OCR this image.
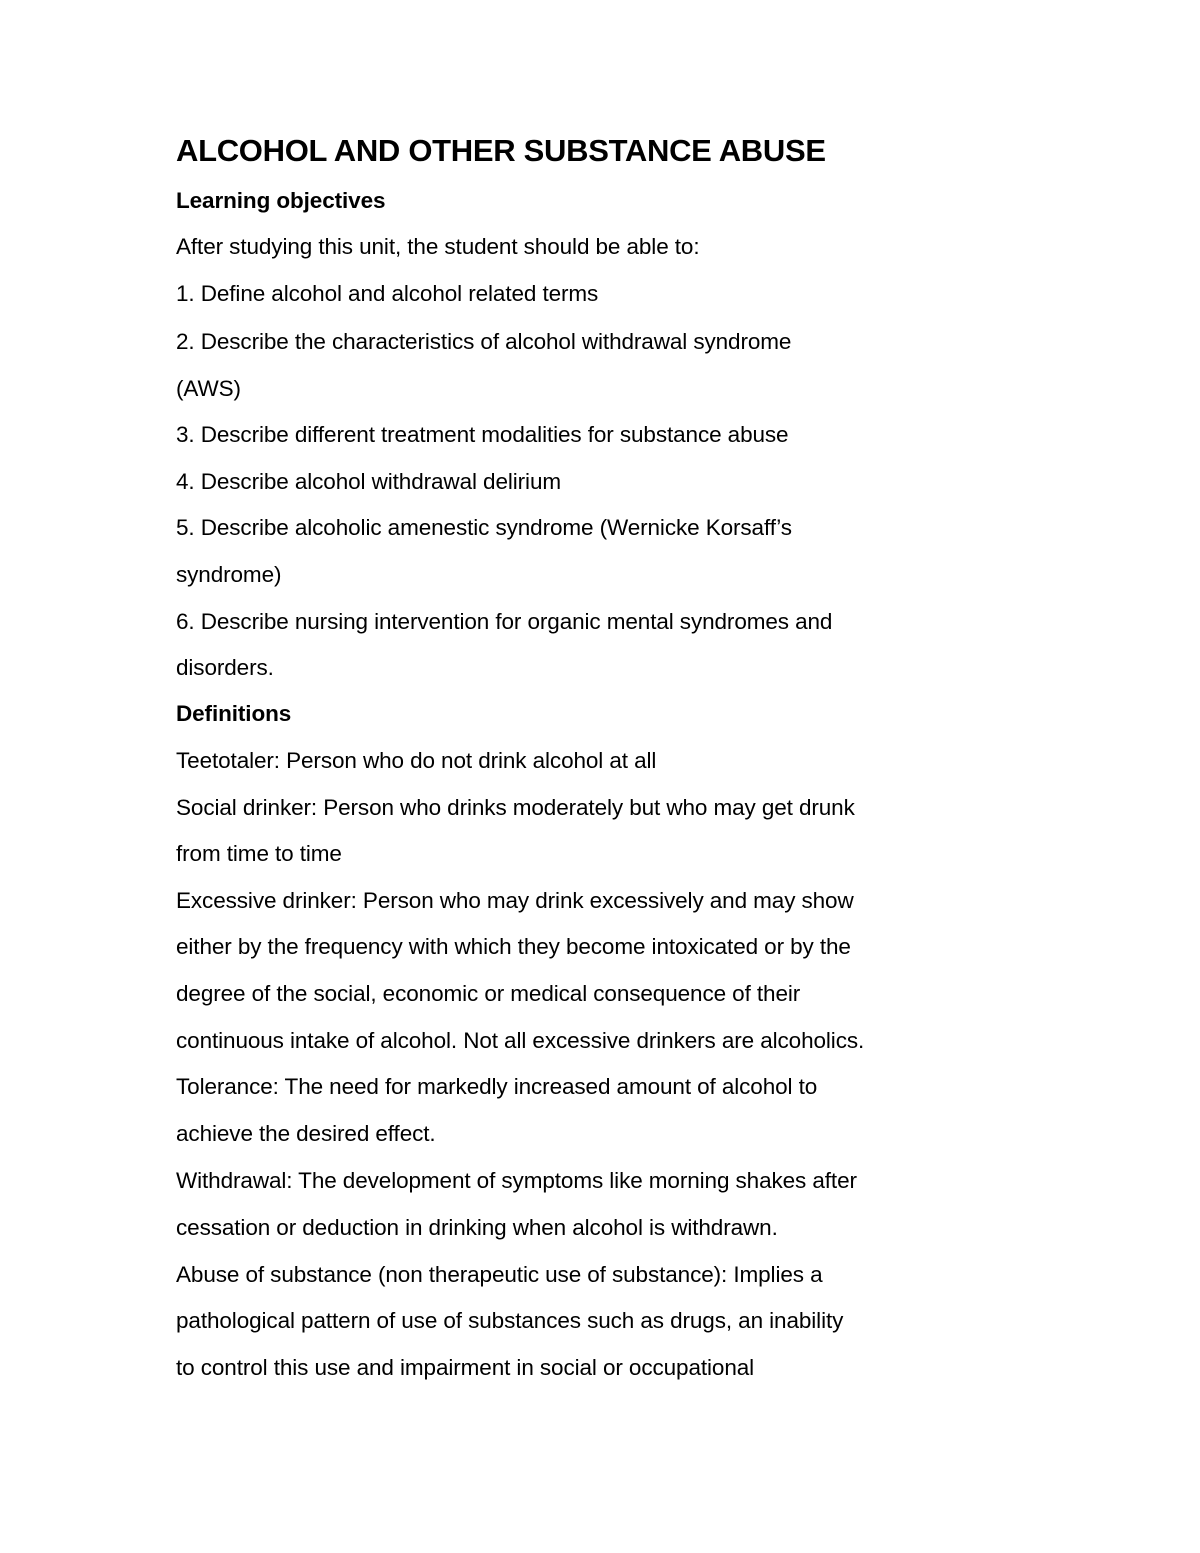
ALCOHOL AND OTHER SUBSTANCE ABUSE
Learning objectives
After studying this unit, the student should be able to:
1. Define alcohol and alcohol related terms
2. Describe the characteristics of alcohol withdrawal syndrome
(AWS)
3. Describe different treatment modalities for substance abuse
4. Describe alcohol withdrawal delirium
5. Describe alcoholic amenestic syndrome (Wernicke Korsaff’s
syndrome)
6. Describe nursing intervention for organic mental syndromes and
disorders.
Definitions
Teetotaler: Person who do not drink alcohol at all
Social drinker: Person who drinks moderately but who may get drunk
from time to time
Excessive drinker: Person who may drink excessively and may show
either by the frequency with which they become intoxicated or by the
degree of the social, economic or medical consequence of their
continuous intake of alcohol. Not all excessive drinkers are alcoholics.
Tolerance: The need for markedly increased amount of alcohol to
achieve the desired effect.
Withdrawal: The development of symptoms like morning shakes after
cessation or deduction in drinking when alcohol is withdrawn.
Abuse of substance (non therapeutic use of substance): Implies a
pathological pattern of use of substances such as drugs, an inability
to control this use and impairment in social or occupational
